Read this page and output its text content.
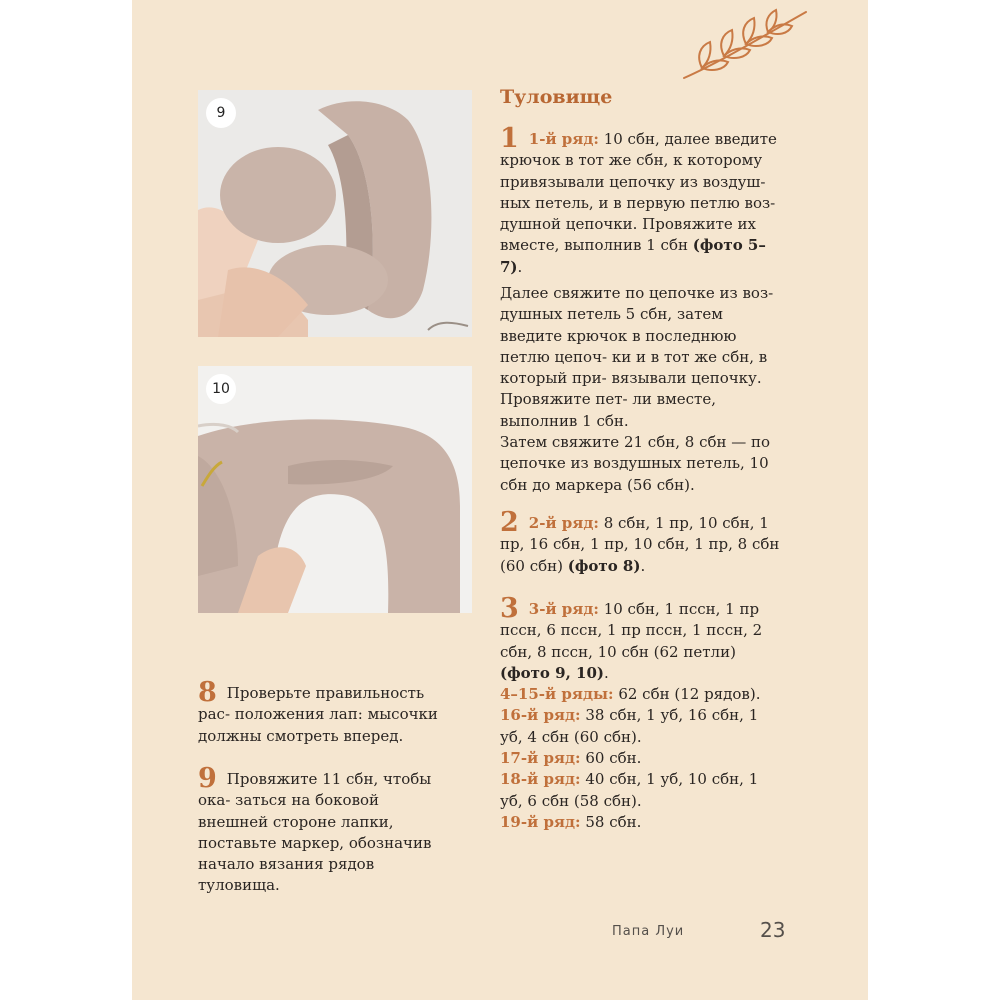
9
10

8 Проверьте правильность рас- положения лап: мысочки должны смотреть вперед.

9 Провяжите 11 сбн, чтобы ока- заться на боковой внешней стороне лапки, поставьте маркер, обозначив начало вязания рядов туловища.

Туловище

1 1-й ряд: 10 сбн, далее введите крючок в тот же сбн, к которому привязывали цепочку из воздуш- ных петель, и в первую петлю воз- душной цепочки. Провяжите их вместе, выполнив 1 сбн (фото 5–7).

Далее свяжите по цепочке из воз- душных петель 5 сбн, затем введите крючок в последнюю петлю цепоч- ки и в тот же сбн, в который при- вязывали цепочку. Провяжите пет- ли вместе, выполнив 1 сбн.

Затем свяжите 21 сбн, 8 сбн — по цепочке из воздушных петель, 10 сбн до маркера (56 сбн).

2 2-й ряд: 8 сбн, 1 пр, 10 сбн, 1 пр, 16 сбн, 1 пр, 10 сбн, 1 пр, 8 сбн (60 сбн) (фото 8).

3 3-й ряд: 10 сбн, 1 пссн, 1 пр пссн, 6 пссн, 1 пр пссн, 1 пссн, 2 сбн, 8 пссн, 10 сбн (62 петли) (фото 9, 10).

4–15-й ряды: 62 сбн (12 рядов).

16-й ряд: 38 сбн, 1 уб, 16 сбн, 1 уб, 4 сбн (60 сбн).

17-й ряд: 60 сбн.

18-й ряд: 40 сбн, 1 уб, 10 сбн, 1 уб, 6 сбн (58 сбн).

19-й ряд: 58 сбн.

Папа Луи	23
